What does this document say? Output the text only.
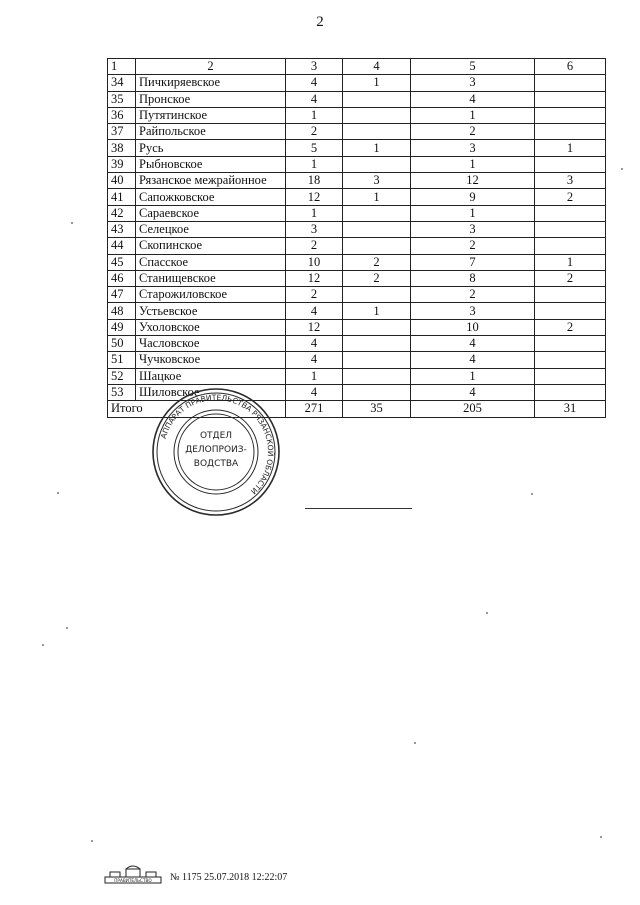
2
1	2	3	4	5	6
34	Пичкиряевское	4	1	3	
35	Пронское	4		4	
36	Путятинское	1		1	
37	Райпольское	2		2	
38	Русь	5	1	3	1
39	Рыбновское	1		1	
40	Рязанское межрайонное	18	3	12	3
41	Сапожковское	12	1	9	2
42	Сараевское	1		1	
43	Селецкое	3		3	
44	Скопинское	2		2	
45	Спасское	10	2	7	1
46	Станищевское	12	2	8	2
47	Старожиловское	2		2	
48	Устьевское	4	1	3	
49	Ухоловское	12		10	2
50	Часловское	4		4	
51	Чучковское	4		4	
52	Шацкое	1		1	
53	Шиловское	4		4	
Итого		271	35	205	31
АППАРАТ ПРАВИТЕЛЬСТВА РЯЗАНСКОЙ ОБЛАСТИ
ОТДЕЛ
ДЕЛОПРОИЗ-
ВОДСТВА
ПРАВИТЕЛЬСТВО № 1175 25.07.2018 12:22:07
